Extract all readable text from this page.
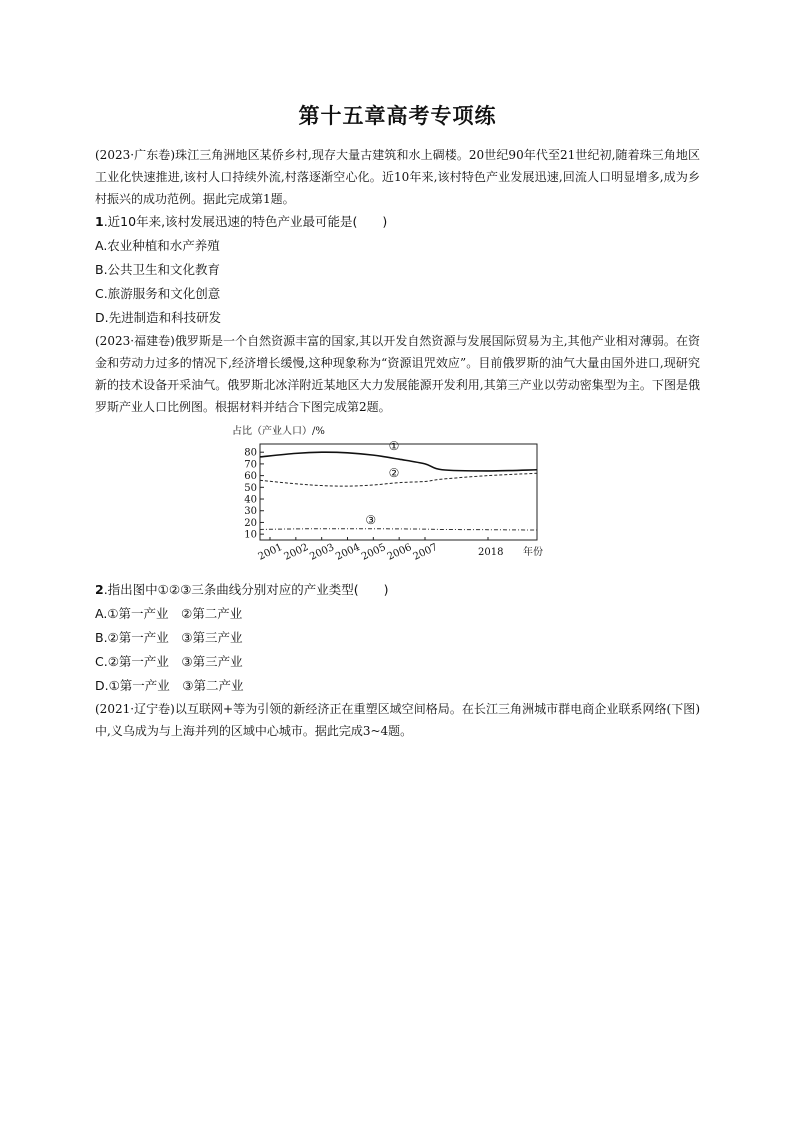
第十五章高考专项练

(2023·广东卷)珠江三角洲地区某侨乡村,现存大量古建筑和水上碉楼。20世纪90年代至21世纪初,随着珠三角地区工业化快速推进,该村人口持续外流,村落逐渐空心化。近10年来,该村特色产业发展迅速,回流人口明显增多,成为乡村振兴的成功范例。据此完成第1题。

1.近10年来,该村发展迅速的特色产业最可能是(　　)

A.农业种植和水产养殖

B.公共卫生和文化教育

C.旅游服务和文化创意

D.先进制造和科技研发

(2023·福建卷)俄罗斯是一个自然资源丰富的国家,其以开发自然资源与发展国际贸易为主,其他产业相对薄弱。在资金和劳动力过多的情况下,经济增长缓慢,这种现象称为“资源诅咒效应”。目前俄罗斯的油气大量由国外进口,现研究新的技术设备开采油气。俄罗斯北冰洋附近某地区大力发展能源开发利用,其第三产业以劳动密集型为主。下图是俄罗斯产业人口比例图。根据材料并结合下图完成第2题。

占比（产业人口）/%
10
20
30
40
50
60
70
80
2001
2002
2003
2004
2005
2006
2007	2018 年份
①
②
③

2.指出图中①②③三条曲线分别对应的产业类型(　　)

A.①第一产业　②第二产业

B.②第一产业　③第三产业

C.②第一产业　③第三产业

D.①第一产业　③第二产业

(2021·辽宁卷)以互联网+等为引领的新经济正在重塑区域空间格局。在长江三角洲城市群电商企业联系网络(下图)中,义乌成为与上海并列的区域中心城市。据此完成3~4题。
